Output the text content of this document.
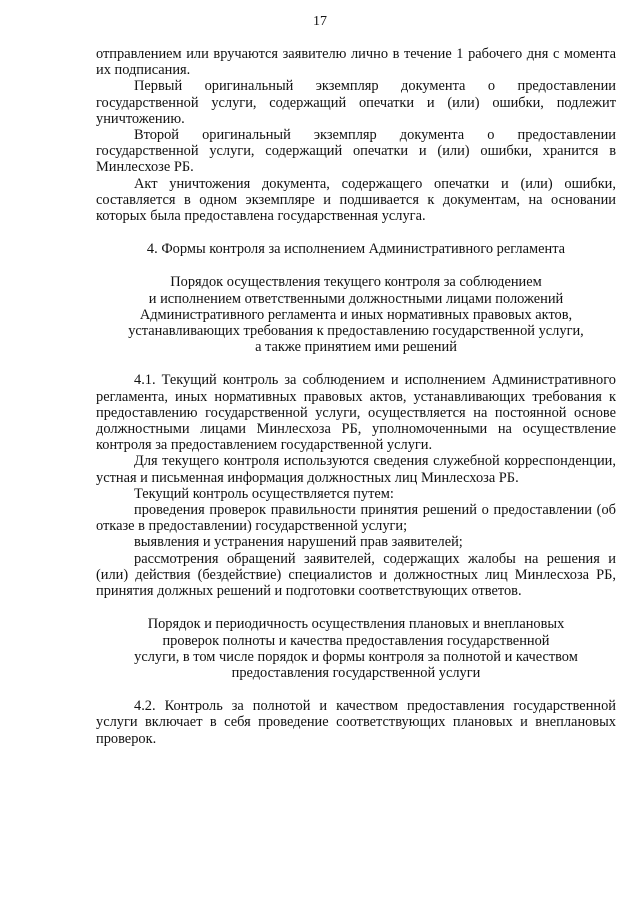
17

отправлением или вручаются заявителю лично в течение 1 рабочего дня с момента их подписания.

Первый оригинальный экземпляр документа о предоставлении государственной услуги, содержащий опечатки и (или) ошибки, подлежит уничтожению.

Второй оригинальный экземпляр документа о предоставлении государственной услуги, содержащий опечатки и (или) ошибки, хранится в Минлесхозе РБ.

Акт уничтожения документа, содержащего опечатки и (или) ошибки, составляется в одном экземпляре и подшивается к документам, на основании которых была предоставлена государственная услуга.

4. Формы контроля за исполнением Административного регламента

Порядок осуществления текущего контроля за соблюдением

и исполнением ответственными должностными лицами положений

Административного регламента и иных нормативных правовых актов,

устанавливающих требования к предоставлению государственной услуги,

а также принятием ими решений

4.1. Текущий контроль за соблюдением и исполнением Административного регламента, иных нормативных правовых актов, устанавливающих требования к предоставлению государственной услуги, осуществляется на постоянной основе должностными лицами Минлесхоза РБ, уполномоченными на осуществление контроля за предоставлением государственной услуги.

Для текущего контроля используются сведения служебной корреспонденции, устная и письменная информация должностных лиц Минлесхоза РБ.

Текущий контроль осуществляется путем:

проведения проверок правильности принятия решений о предоставлении (об отказе в предоставлении) государственной услуги;

выявления и устранения нарушений прав заявителей;

рассмотрения обращений заявителей, содержащих жалобы на решения и (или) действия (бездействие) специалистов и должностных лиц Минлесхоза РБ, принятия должных решений и подготовки соответствующих ответов.

Порядок и периодичность осуществления плановых и внеплановых

проверок полноты и качества предоставления государственной

услуги, в том числе порядок и формы контроля за полнотой и качеством

предоставления государственной услуги

4.2. Контроль за полнотой и качеством предоставления государственной услуги включает в себя проведение соответствующих плановых и внеплановых проверок.
